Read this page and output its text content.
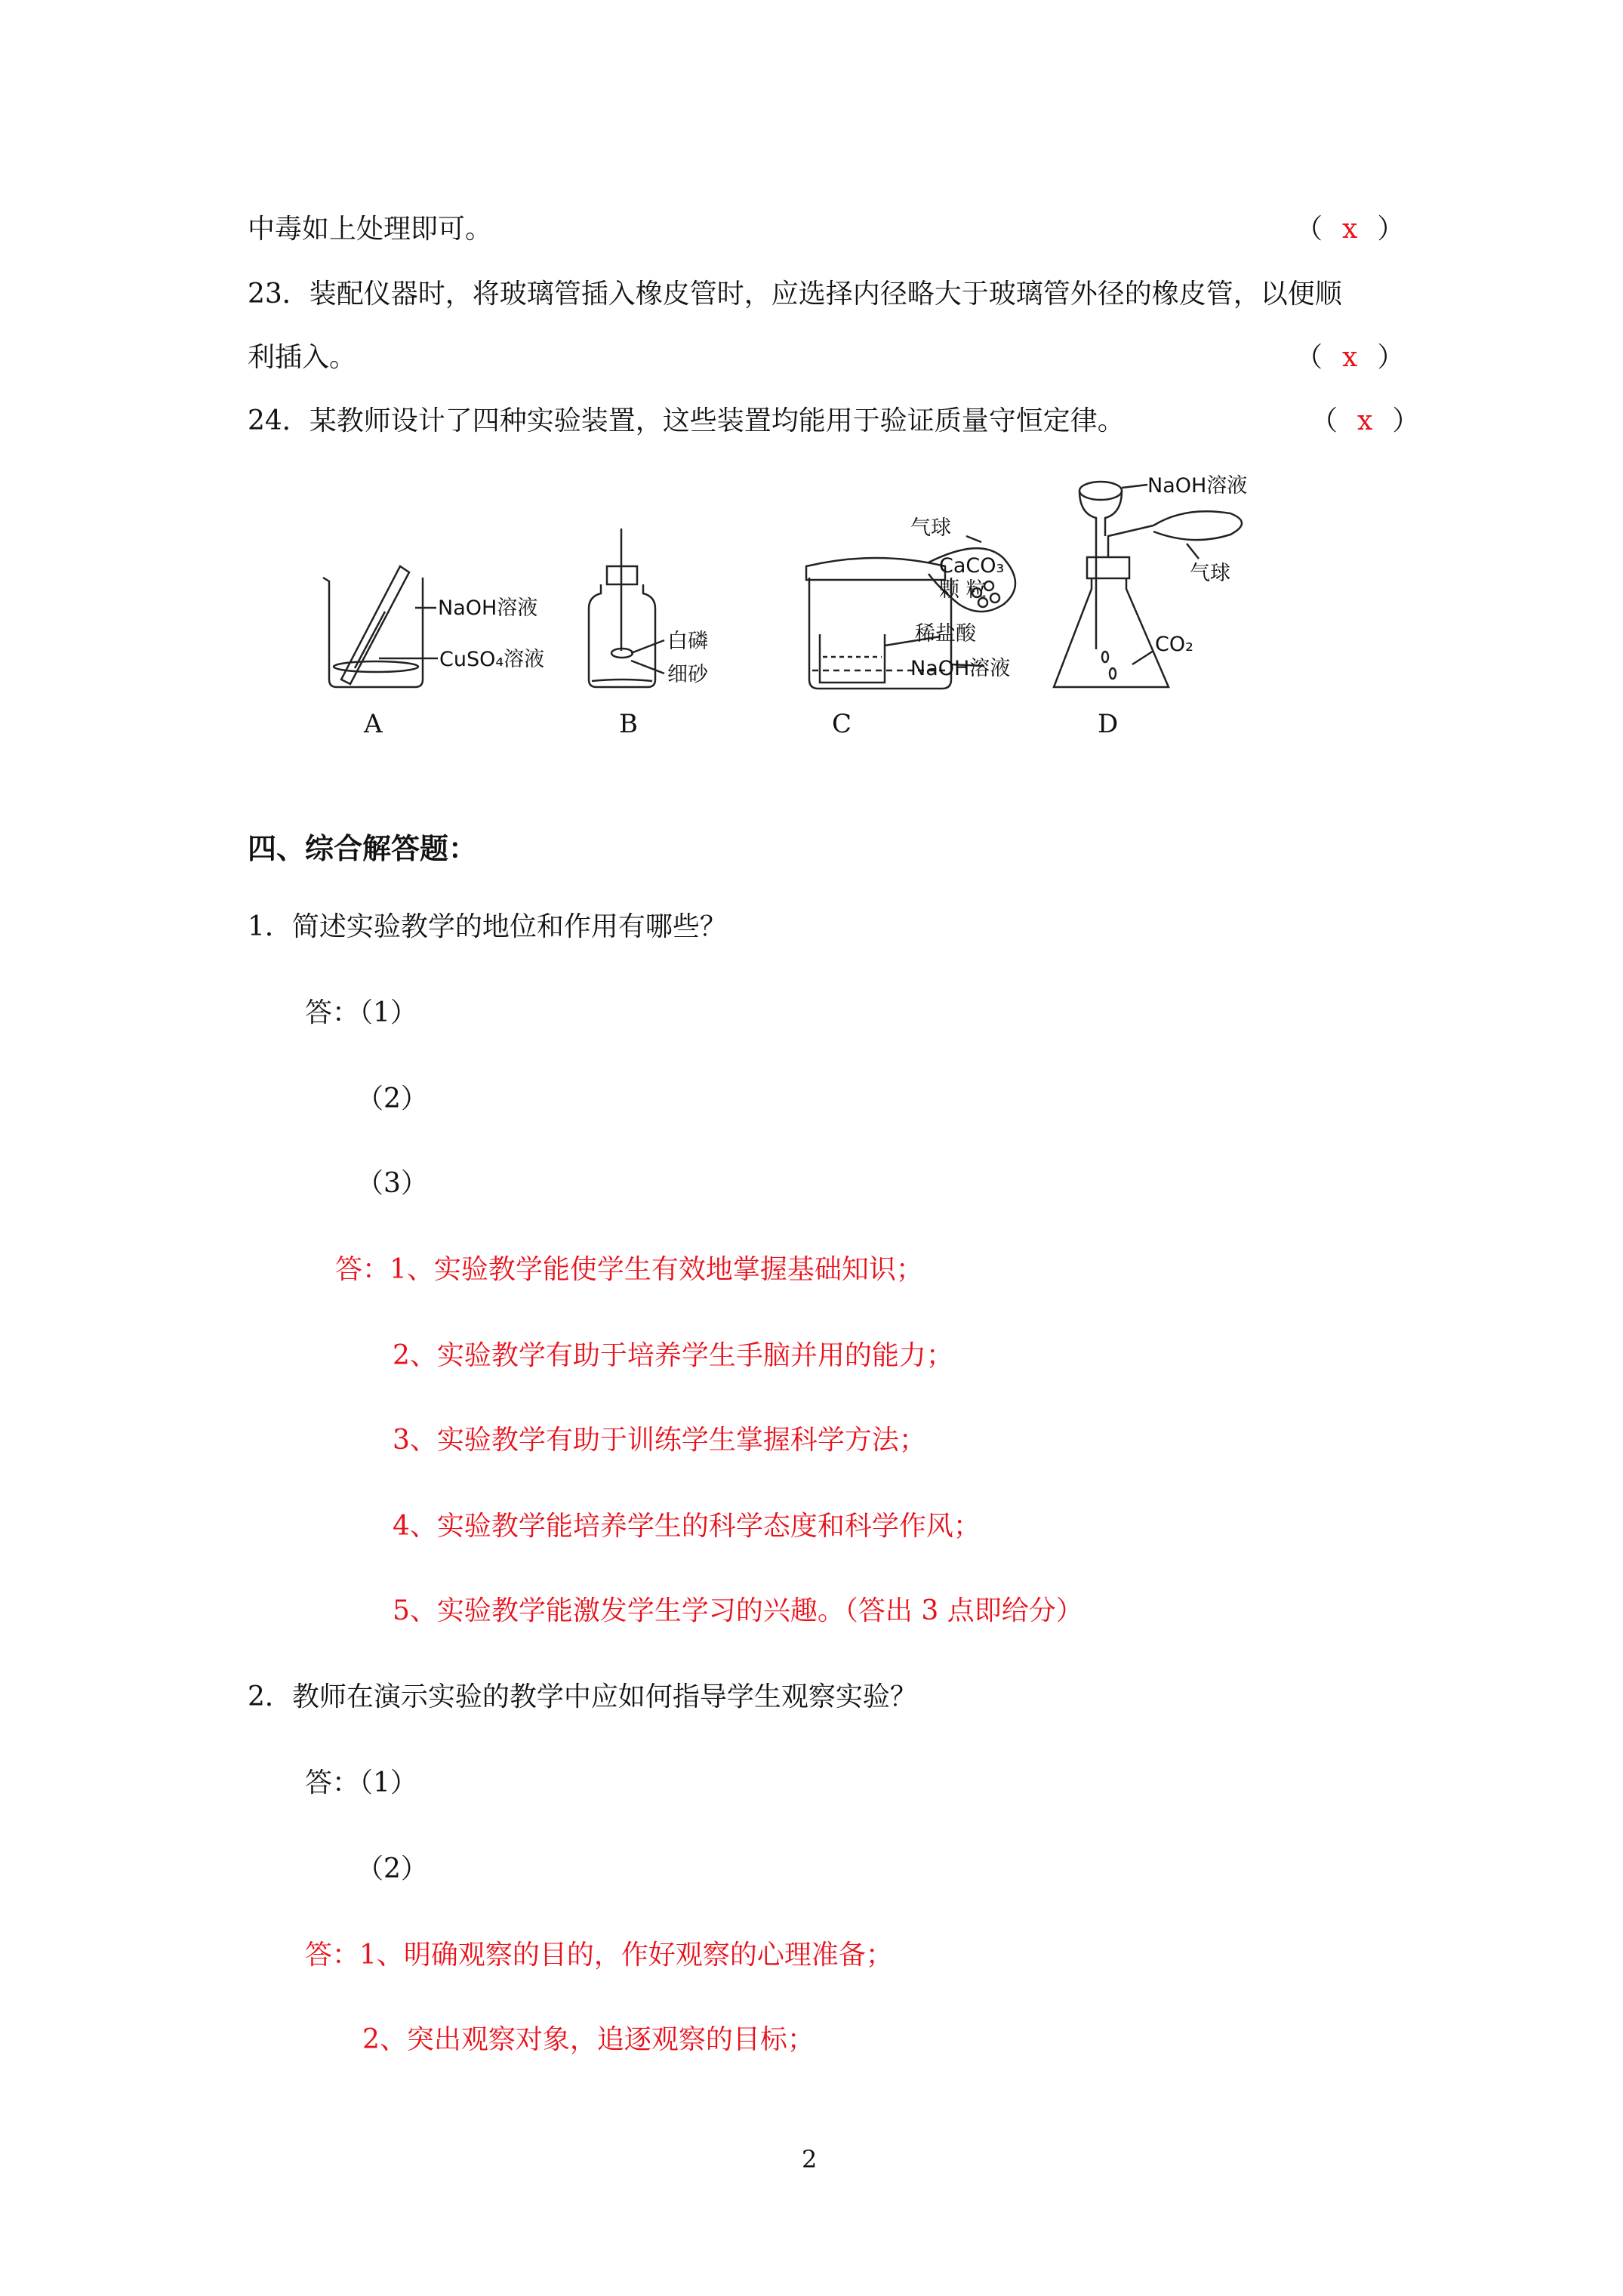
中毒如上处理即可。	（ x ）
23．装配仪器时，将玻璃管插入橡皮管时，应选择内径略大于玻璃管外径的橡皮管，以便顺
利插入。	（ x ）
24．某教师设计了四种实验装置，这些装置均能用于验证质量守恒定律。	（ x ）
NaOH溶液
CuSO₄溶液
A
白磷
细砂
B
气球
CaCO₃
颗 粒
稀盐酸
NaOH溶液
C
NaOH溶液
气球
CO₂
D
四、综合解答题：
1．简述实验教学的地位和作用有哪些？
答：（1）
（2）
（3）
答：1、实验教学能使学生有效地掌握基础知识；
2、实验教学有助于培养学生手脑并用的能力；
3、实验教学有助于训练学生掌握科学方法；
4、实验教学能培养学生的科学态度和科学作风；
5、实验教学能激发学生学习的兴趣。（答出 3 点即给分）
2．教师在演示实验的教学中应如何指导学生观察实验？
答：（1）
（2）
答：1、明确观察的目的，作好观察的心理准备；
2、突出观察对象，追逐观察的目标；
2
